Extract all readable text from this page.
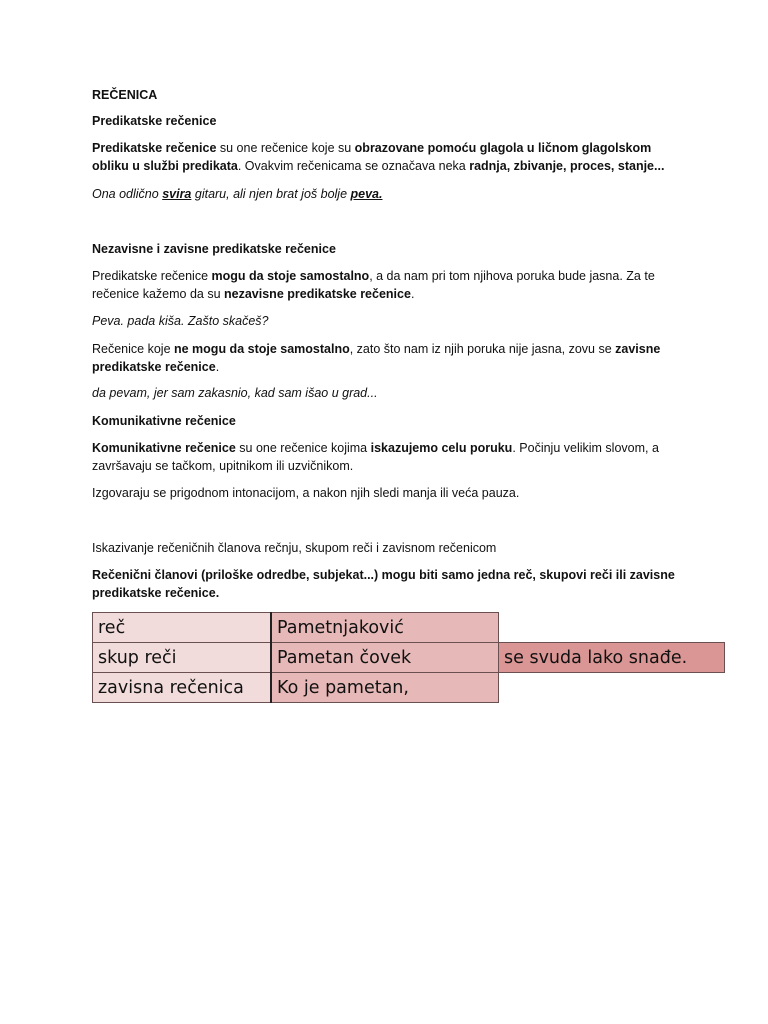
REČENICA

Predikatske rečenice

Predikatske rečenice su one rečenice koje su obrazovane pomoću glagola u ličnom glagolskom obliku u službi predikata. Ovakvim rečenicama se označava neka radnja, zbivanje, proces, stanje...

Ona odlično svira gitaru, ali njen brat još bolje peva.

Nezavisne i zavisne predikatske rečenice

Predikatske rečenice mogu da stoje samostalno, a da nam pri tom njihova poruka bude jasna. Za te rečenice kažemo da su nezavisne predikatske rečenice.

Peva. pada kiša. Zašto skačeš?

Rečenice koje ne mogu da stoje samostalno, zato što nam iz njih poruka nije jasna, zovu se zavisne predikatske rečenice.

da pevam, jer sam zakasnio, kad sam išao u grad...

Komunikativne rečenice

Komunikativne rečenice su one rečenice kojima iskazujemo celu poruku. Počinju velikim slovom, a završavaju se tačkom, upitnikom ili uzvičnikom.

Izgovaraju se prigodnom intonacijom, a nakon njih sledi manja ili veća pauza.

Iskazivanje rečeničnih članova rečnju, skupom reči i zavisnom rečenicom

Rečenični članovi (priloške odredbe, subjekat...) mogu biti samo jedna reč, skupovi reči ili zavisne predikatske rečenice.

reč	Pametnjaković	
skup reči	Pametan čovek	se svuda lako snađe.
zavisna rečenica	Ko je pametan,	
